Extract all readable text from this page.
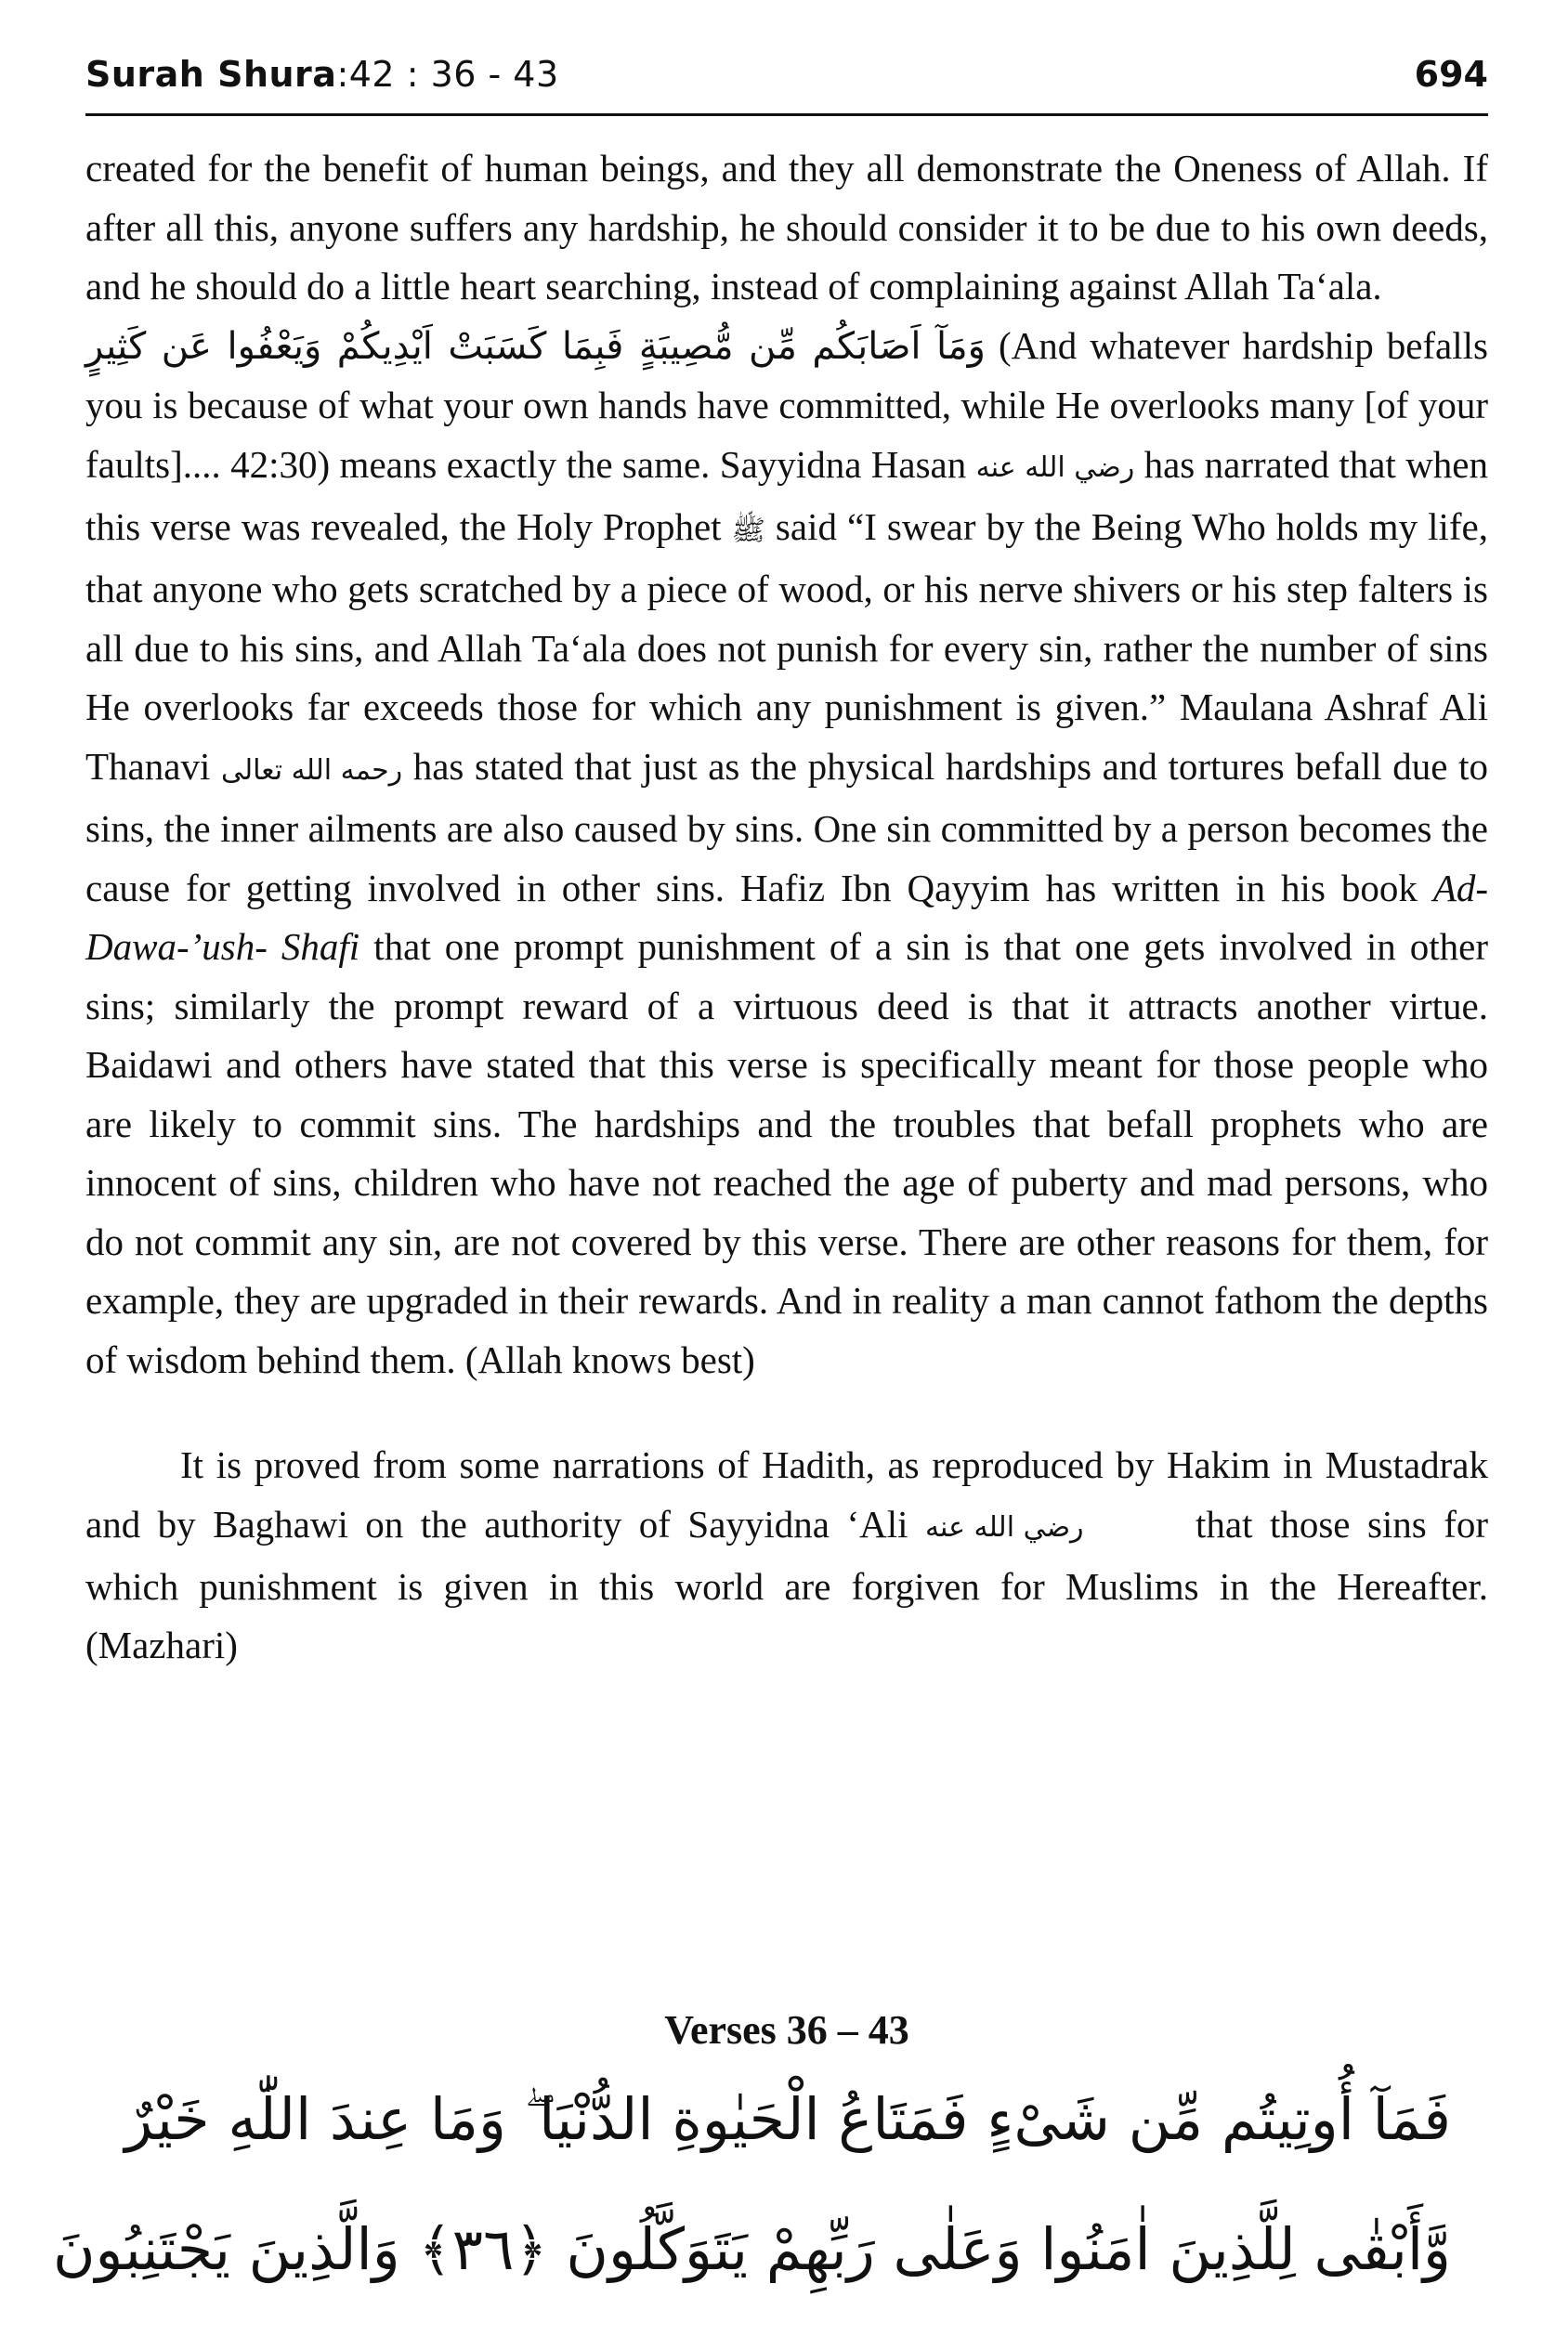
Surah Shura:42 : 36 - 43	694

created for the benefit of human beings, and they all demonstrate the Oneness of Allah. If after all this, anyone suffers any hardship, he should consider it to be due to his own deeds, and he should do a little heart searching, instead of complaining against Allah Ta‘ala.

وَمَآ اَصَابَكُم مِّن مُّصِيبَةٍ فَبِمَا كَسَبَتْ اَيْدِيكُمْ وَيَعْفُوا عَن كَثِيرٍ (And whatever hardship befalls you is because of what your own hands have committed, while He overlooks many [of your faults].... 42:30) means exactly the same. Sayyidna Hasan رضي الله عنه has narrated that when this verse was revealed, the Holy Prophet ﷺ said “I swear by the Being Who holds my life, that anyone who gets scratched by a piece of wood, or his nerve shivers or his step falters is all due to his sins, and Allah Ta‘ala does not punish for every sin, rather the number of sins He overlooks far exceeds those for which any punishment is given.” Maulana Ashraf Ali Thanavi رحمه الله تعالى has stated that just as the physical hardships and tortures befall due to sins, the inner ailments are also caused by sins. One sin committed by a person becomes the cause for getting involved in other sins. Hafiz Ibn Qayyim has written in his book Ad-Dawa-’ush- Shafi that one prompt punishment of a sin is that one gets involved in other sins; similarly the prompt reward of a virtuous deed is that it attracts another virtue. Baidawi and others have stated that this verse is specifically meant for those people who are likely to commit sins. The hardships and the troubles that befall prophets who are innocent of sins, children who have not reached the age of puberty and mad persons, who do not commit any sin, are not covered by this verse. There are other reasons for them, for example, they are upgraded in their rewards. And in reality a man cannot fathom the depths of wisdom behind them. (Allah knows best)

It is proved from some narrations of Hadith, as reproduced by Hakim in Mustadrak and by Baghawi on the authority of Sayyidna ‘Ali رضي الله عنه	that those sins for which punishment is given in this world are forgiven for Muslims in the Hereafter. (Mazhari)

Verses 36 – 43
فَمَآ أُوتِيتُم مِّن شَىْءٍ فَمَتَاعُ الْحَيٰوةِ الدُّنْيَا ۖ وَمَا عِندَ اللّٰهِ خَيْرٌ
وَّأَبْقٰى لِلَّذِينَ اٰمَنُوا وَعَلٰى رَبِّهِمْ يَتَوَكَّلُونَ ﴿٣٦﴾ وَالَّذِينَ يَجْتَنِبُونَ
